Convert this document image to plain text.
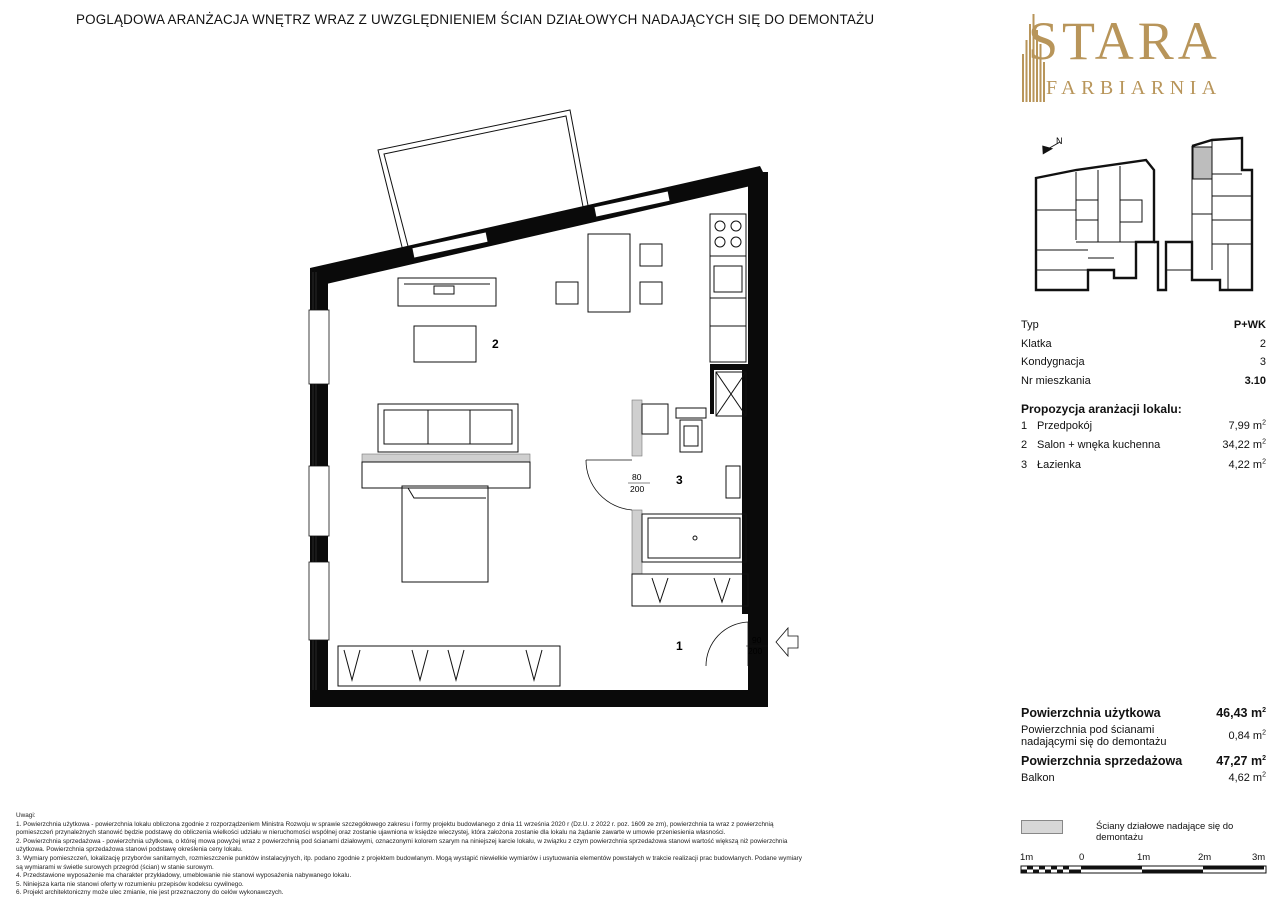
POGLĄDOWA ARANŻACJA WNĘTRZ WRAZ Z UWZGLĘDNIENIEM ŚCIAN DZIAŁOWYCH NADAJĄCYCH SIĘ DO DEMONTAŻU	STARA
FARBIARNIA
N
Typ	P+WK
Klatka	2
Kondygnacja	3
Nr mieszkania	3.10
Propozycja aranżacji lokalu:
1 Przedpokój	7,99 $m^2$
2 Salon + wnęka kuchenna	34,22 $m^2$
3 Łazienka	4,22 $m^2$
Powierzchnia użytkowa	46,43 $m^2$
Powierzchnia pod ścianami
nadającymi się do demontażu	0,84 $m^2$
Powierzchnia sprzedażowa	47,27 $m^2$
Balkon	4,62 $m^2$
Ściany działowe nadające się do demontażu
1m	0	1m	2m	3m

Uwagi:

1. Powierzchnia użytkowa - powierzchnia lokalu obliczona zgodnie z rozporządzeniem Ministra Rozwoju w sprawie szczegółowego zakresu i formy projektu budowlanego z dnia 11 września 2020 r (Dz.U. z 2022 r. poz. 1609 ze zm), powierzchnia ta wraz z powierzchnią

pomieszczeń przynależnych stanowić będzie podstawę do obliczenia wielkości udziału w nieruchomości wspólnej oraz zostanie ujawniona w księdze wieczystej, która założona zostanie dla lokalu na żądanie zawarte w umowie przeniesienia własności.

2. Powierzchnia sprzedażowa - powierzchnia użytkowa, o której mowa powyżej wraz z powierzchnią pod ścianami działowymi, oznaczonymi kolorem szarym na niniejszej karcie lokalu, w związku z czym powierzchnia sprzedażowa stanowi wartość większą niż powierzchnia

użytkowa. Powierzchnia sprzedażowa stanowi podstawę określenia ceny lokalu.

3. Wymiary pomieszczeń, lokalizację przyborów sanitarnych, rozmieszczenie punktów instalacyjnych, itp. podano zgodnie z projektem budowlanym. Mogą wystąpić niewielkie wymiarów i usytuowania elementów powstałych w trakcie realizacji prac budowlanych. Podane wymiary

są wymiarami w świetle surowych przegród (ścian) w stanie surowym.

4. Przedstawione wyposażenie ma charakter przykładowy, umeblowanie nie stanowi wyposażenia nabywanego lokalu.

5. Niniejsza karta nie stanowi oferty w rozumieniu przepisów kodeksu cywilnego.

6. Projekt architektoniczny może ulec zmianie, nie jest przeznaczony do celów wykonawczych.

2
3
1
80
200
90
200
